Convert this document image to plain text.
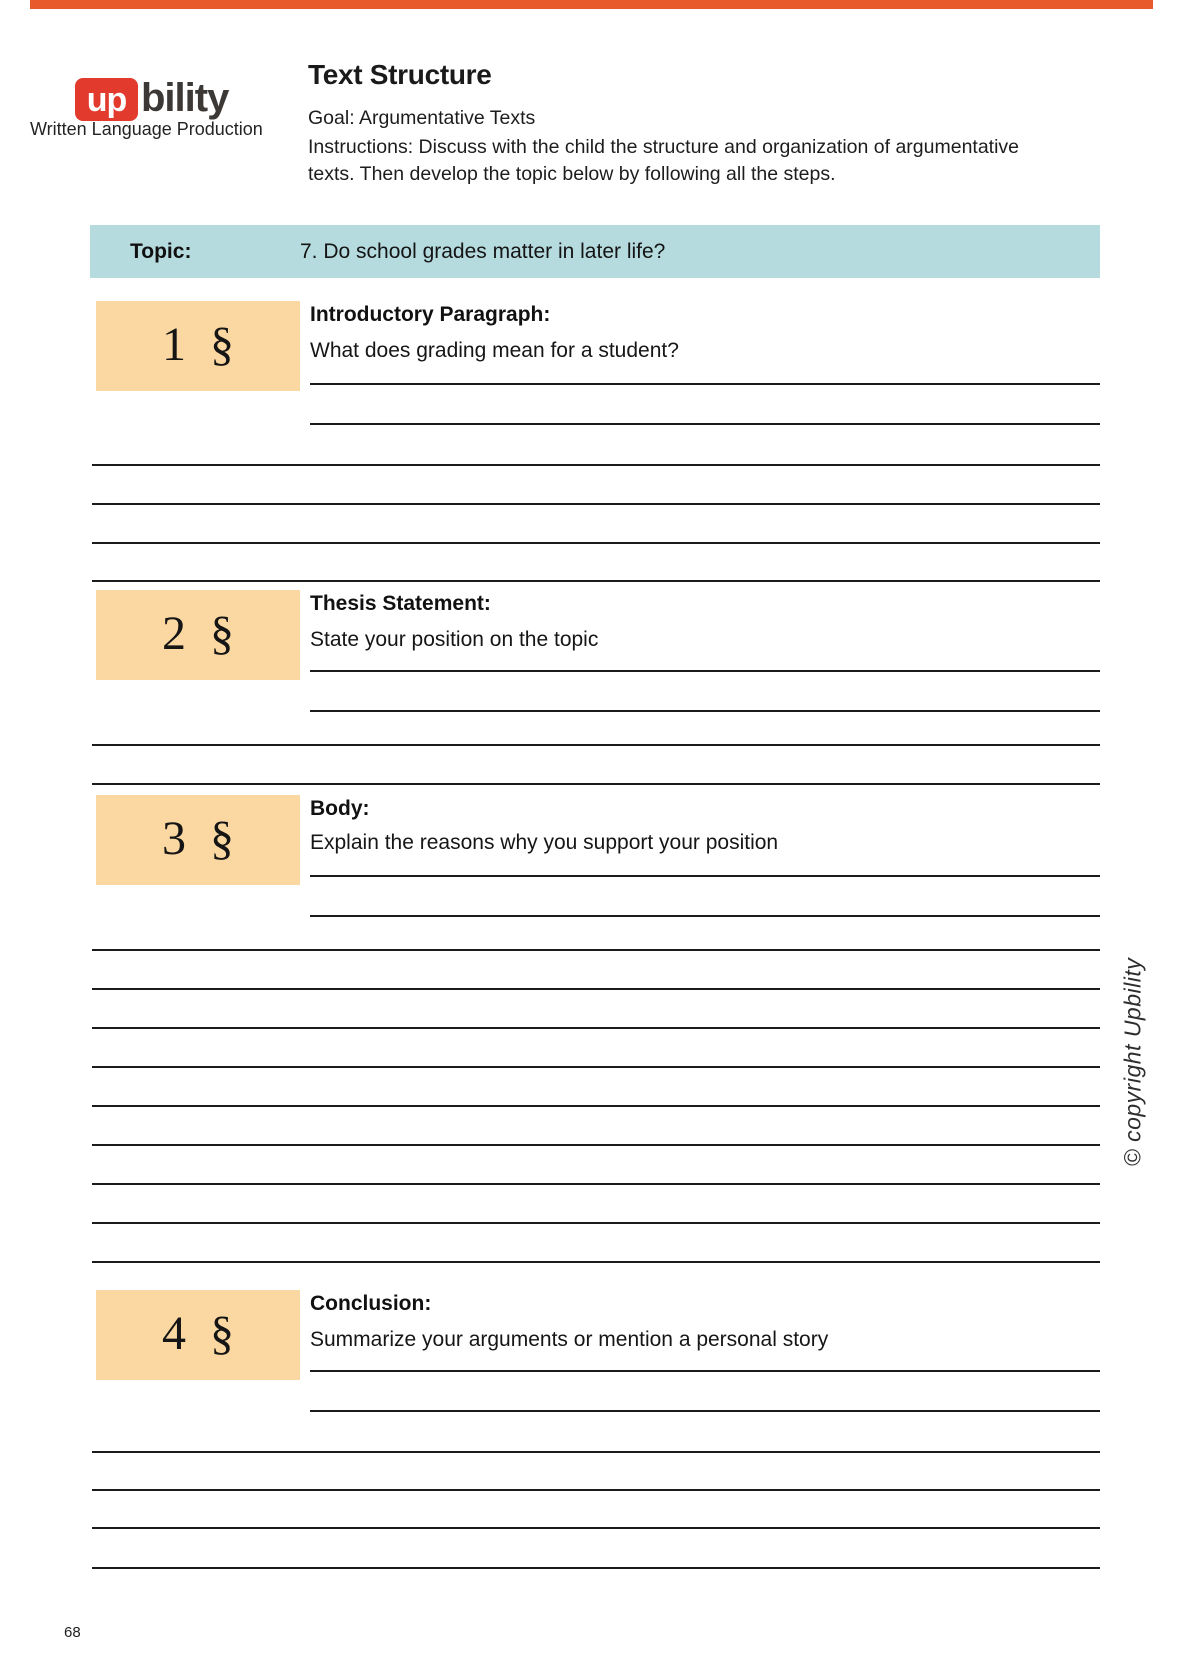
up bility
Written Language Production
Text Structure
Goal: Argumentative Texts
Instructions: Discuss with the child the structure and organization of argumentative
texts. Then develop the topic below by following all the steps.
Topic:	7. Do school grades matter in later life?
1 §
Introductory Paragraph:
What does grading mean for a student?
2 §
Thesis Statement:
State your position on the topic
3 §
Body:
Explain the reasons why you support your position
4 §
Conclusion:
Summarize your arguments or mention a personal story
© copyright Upbility
68
